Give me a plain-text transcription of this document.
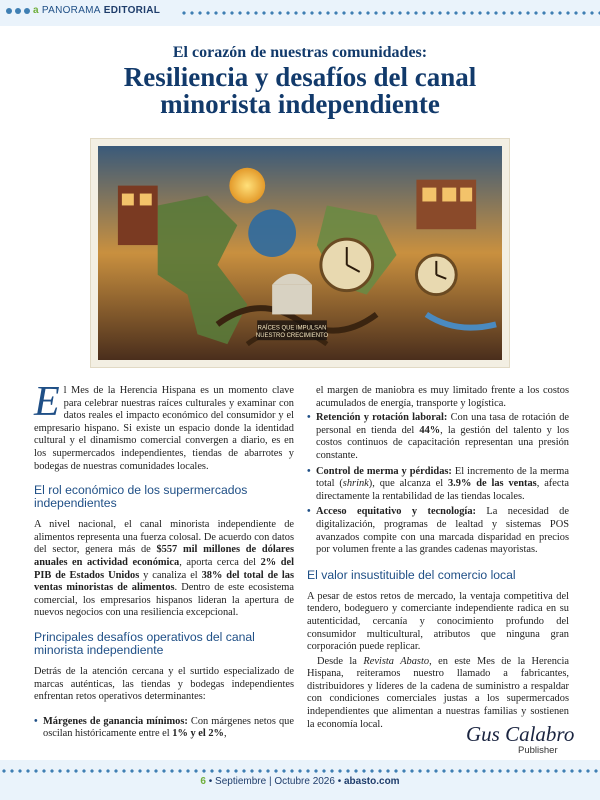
a PANORAMA EDITORIAL
El corazón de nuestras comunidades:
Resiliencia y desafíos del canal
minorista independiente
RAÍCES QUE IMPULSAN
NUESTRO CRECIMIENTO

El Mes de la Herencia Hispana es un momento clave para celebrar nuestras raíces culturales y examinar con datos reales el impacto económico del consumidor y el empresario hispano. Si existe un espacio donde la identidad cultural y el dinamismo comercial convergen a diario, es en los supermercados independientes, tiendas de abarrotes y bodegas de nuestras comunidades locales.

El rol económico de los supermercados independientes

A nivel nacional, el canal minorista independiente de alimentos representa una fuerza colosal. De acuerdo con datos del sector, genera más de $557 mil millones de dólares anuales en actividad económica, aporta cerca del 2% del PIB de Estados Unidos y canaliza el 38% del total de las ventas minoristas de alimentos. Dentro de este ecosistema comercial, los empresarios hispanos lideran la apertura de nuevos negocios con una resiliencia excepcional.

Principales desafíos operativos del canal minorista independiente

Detrás de la atención cercana y el surtido especializado de marcas auténticas, las tiendas y bodegas independientes enfrentan retos operativos determinantes:

• Márgenes de ganancia mínimos: Con márgenes netos que oscilan históricamente entre el 1% y el 2%,

el margen de maniobra es muy limitado frente a los costos acumulados de energía, transporte y logística.

• Retención y rotación laboral: Con una tasa de rotación de personal en tienda del 44%, la gestión del talento y los costos continuos de capacitación representan una presión constante.
• Control de merma y pérdidas: El incremento de la merma total (shrink), que alcanza el 3.9% de las ventas, afecta directamente la rentabilidad de las tiendas locales.
• Acceso equitativo y tecnología: La necesidad de digitalización, programas de lealtad y sistemas POS avanzados compite con una marcada disparidad en precios por volumen frente a las grandes cadenas mayoristas.
El valor insustituible del comercio local

A pesar de estos retos de mercado, la ventaja competitiva del tendero, bodeguero y comerciante independiente radica en su autenticidad, cercanía y conocimiento profundo del consumidor multicultural, atributos que ninguna gran corporación puede replicar.

Desde la Revista Abasto, en este Mes de la Herencia Hispana, reiteramos nuestro llamado a fabricantes, distribuidores y líderes de la cadena de suministro a respaldar con condiciones comerciales justas a los supermercados independientes que alimentan a nuestras familias y sostienen la economía local.	Gus Calabro
Publisher
6 • Septiembre | Octubre 2026 • abasto.com
